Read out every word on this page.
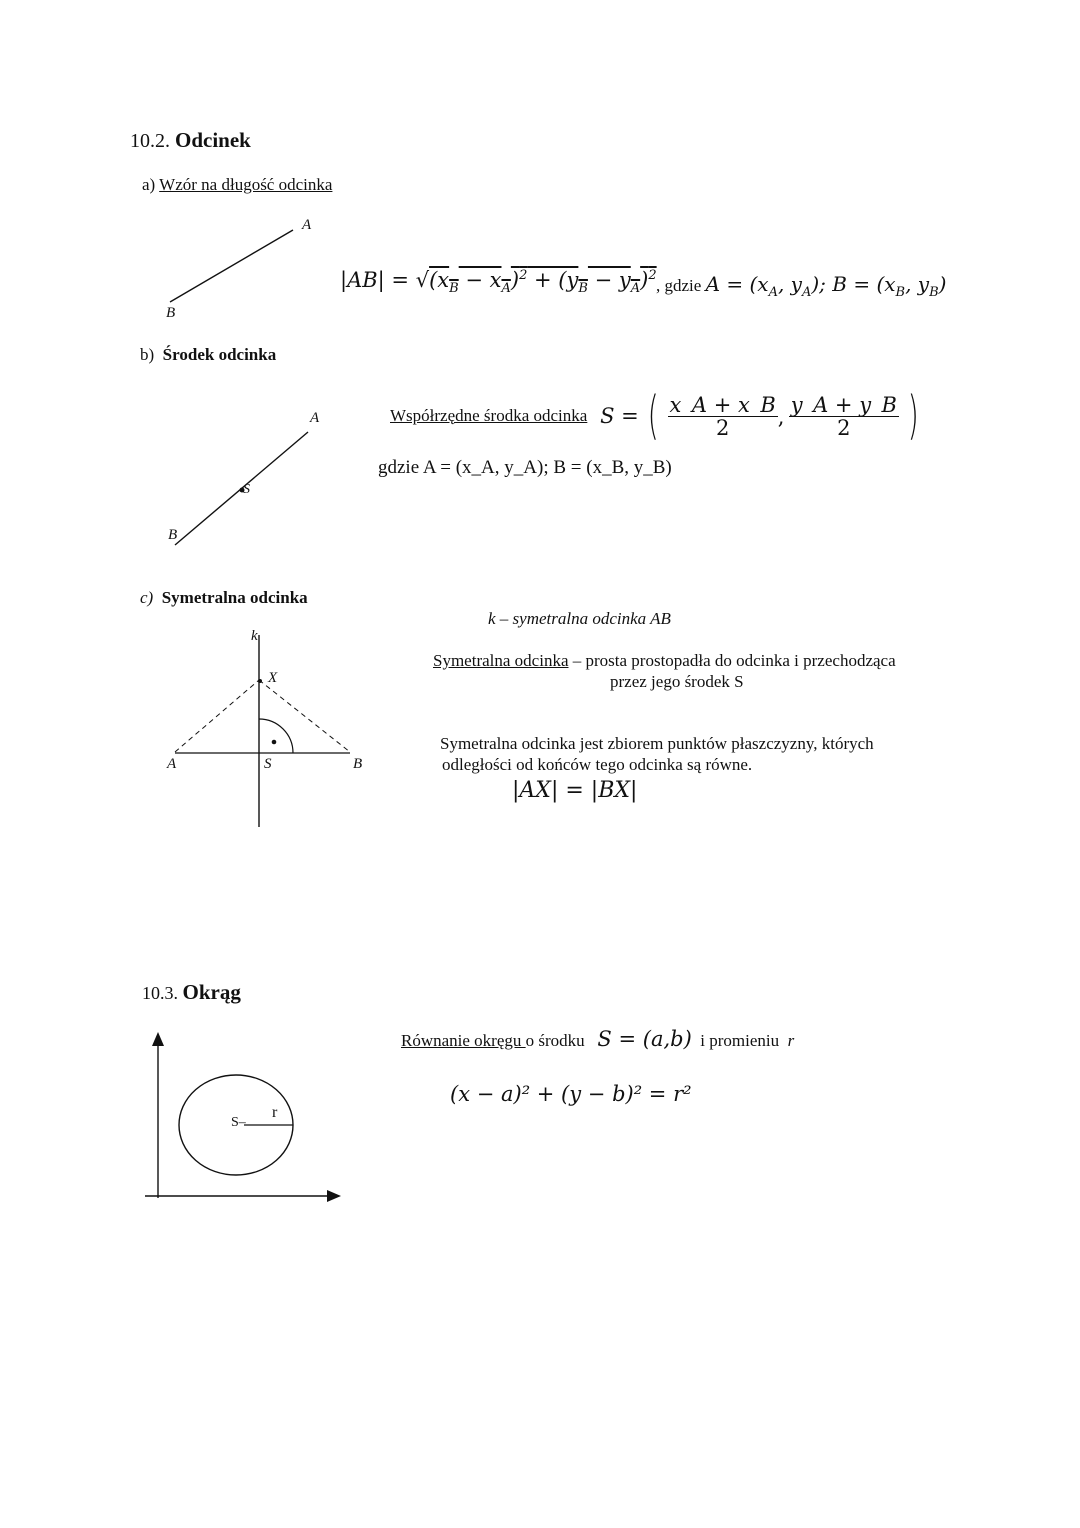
10.2. Odcinek
a) Wzór na długość odcinka
A
B
$|AB| = √(x_B - x_A)^2 + (y_B - y_A)^2$
, gdzie $A = (x_A$, $y_A$); $B = (x_B$, $y_B$)
b) Środek odcinka
A
B
S
Współrzędne środka odcinka S = ( $\frac{x\_A + x\_B}{2}$ , $\frac{y\_A + y\_B}{2}$ )
gdzie A = (x_A, y_A); B = (x_B, y_B)
c) Symetralna odcinka
k
X
A	S	B
k – symetralna odcinka AB
Symetralna odcinka – prosta prostopadła do odcinka i przechodząca
przez jego środek S
Symetralna odcinka jest zbiorem punktów płaszczyzny, których
odległości od końców tego odcinka są równe.
|AX| = |BX|
10.3. Okrąg
S–
r
Równanie okręgu o środku S = (a,b) i promieniu r
(x − a)² + (y − b)² = r²
